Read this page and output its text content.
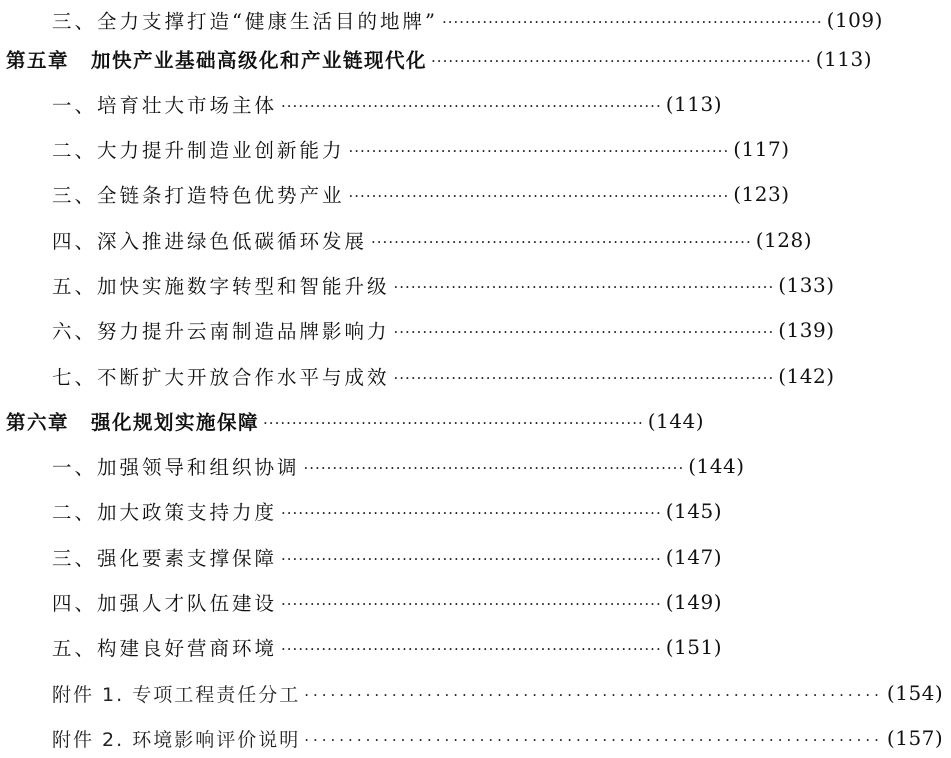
三、全力支撑打造“健康生活目的地牌” ·································································· (109)
第五章 加快产业基础高级化和产业链现代化 ·································································· (113)
一、培育壮大市场主体 ·································································· (113)
二、大力提升制造业创新能力 ·································································· (117)
三、全链条打造特色优势产业 ·································································· (123)
四、深入推进绿色低碳循环发展 ·································································· (128)
五、加快实施数字转型和智能升级 ·································································· (133)
六、努力提升云南制造品牌影响力 ·································································· (139)
七、不断扩大开放合作水平与成效 ·································································· (142)
第六章 强化规划实施保障 ·································································· (144)
一、加强领导和组织协调 ·································································· (144)
二、加大政策支持力度 ·································································· (145)
三、强化要素支撑保障 ·································································· (147)
四、加强人才队伍建设 ·································································· (149)
五、构建良好营商环境 ·································································· (151)
附件 1. 专项工程责任分工 ·································································· (154)
附件 2. 环境影响评价说明 ·································································· (157)
